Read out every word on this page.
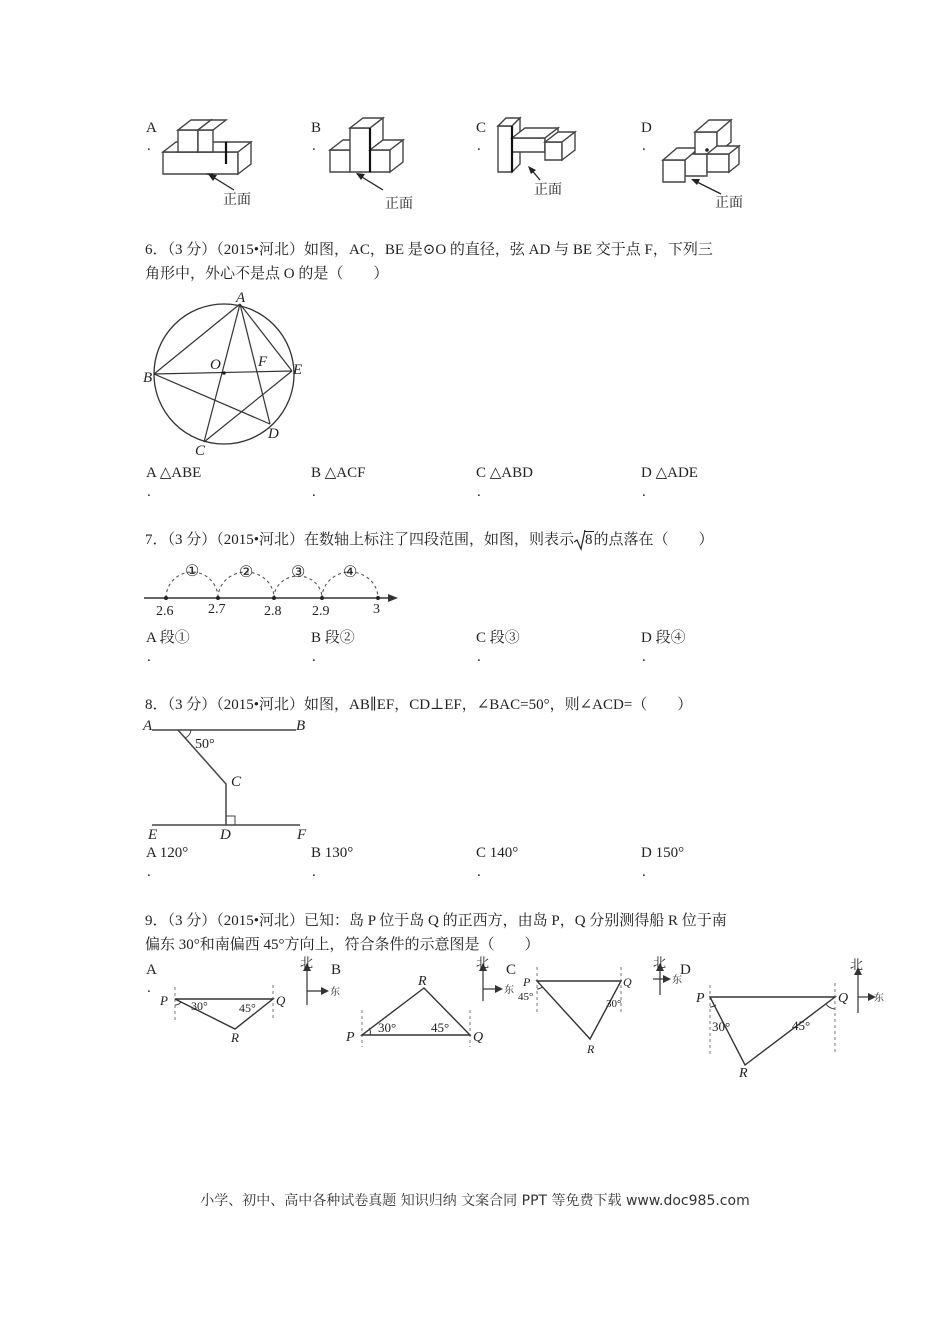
A
.
正面
B
.
正面
C
.
正面
D
.
正面
6．（3 分）（2015•河北）如图，AC，BE 是⊙O 的直径，弦 AD 与 BE 交于点 F，下列三
角形中，外心不是点 O 的是（　　）
A
B
C
D
E
O F
A △ABE
.
B △ACF
.
C △ABD
.
D △ADE
.
7．（3 分）（2015•河北）在数轴上标注了四段范围，如图，则表示 8的点落在（　　）
2.6 2.7	2.8 2.9	3
① ② ③ ④
A 段①
.
B 段②
.
C 段③
.
D 段④
.
8．（3 分）（2015•河北）如图，AB∥EF，CD⊥EF，∠BAC=50°，则∠ACD=（　　）
A	B
C
D
E	F
50°
A 120°
.
B 130°
.
C 140°
.
D 150°
.
9．（3 分）（2015•河北）已知：岛 P 位于岛 Q 的正西方，由岛 P，Q 分别测得船 R 位于南
偏东 30°和南偏西 45°方向上，符合条件的示意图是（　　）
A
.
B	C	D
30°	45°
P	Q
R
北
东
30°	45°
P	Q
R
北
东
45°
30°
P	Q
R
北
东
30°	45°
P	Q
R
北
东
小学、初中、高中各种试卷真题 知识归纳 文案合同 PPT 等免费下载 www.doc985.com
